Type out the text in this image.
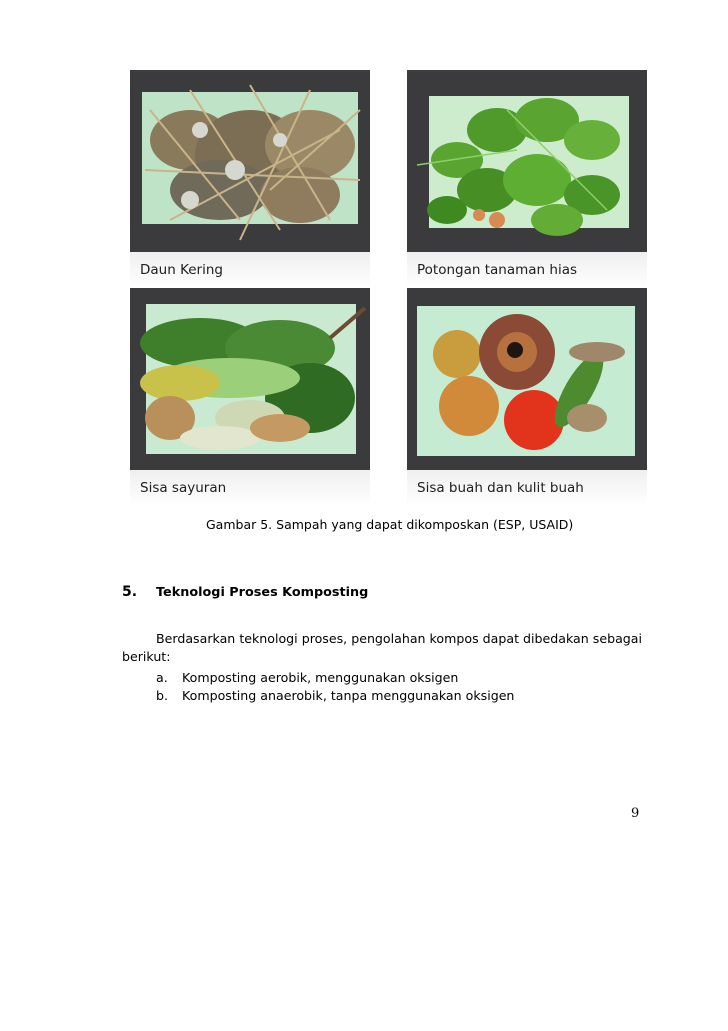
Daun Kering	Potongan tanaman hias
Sisa sayuran	Sisa buah dan kulit buah
Gambar 5. Sampah yang dapat dikomposkan (ESP, USAID)
5. Teknologi Proses Komposting
Berdasarkan teknologi proses, pengolahan kompos dapat dibedakan sebagai
berikut:
a.	Komposting aerobik, menggunakan oksigen
b.	Komposting anaerobik, tanpa menggunakan oksigen
9
